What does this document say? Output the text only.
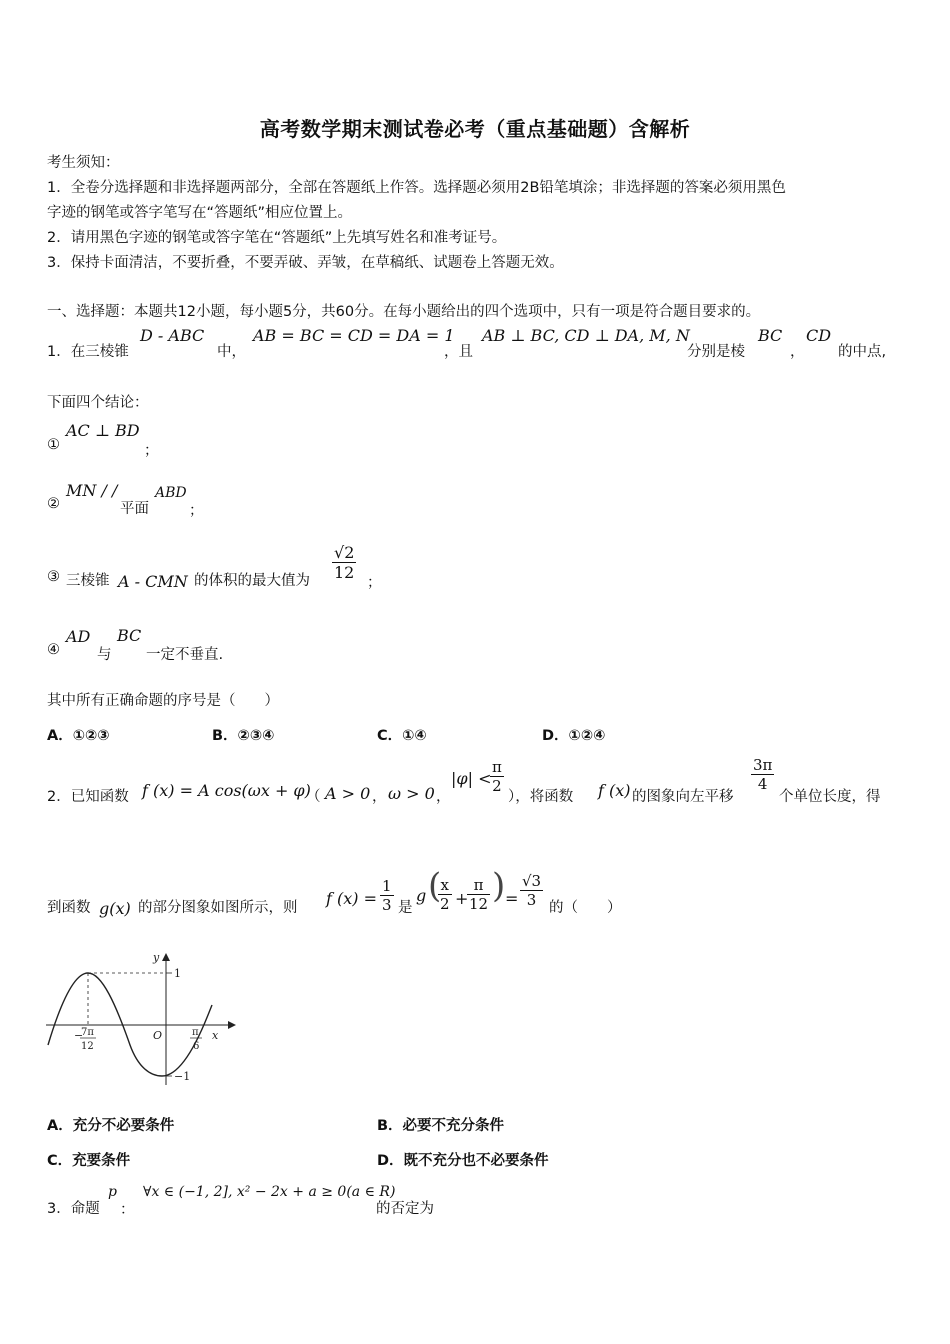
高考数学期末测试卷必考（重点基础题）含解析
考生须知：
1．全卷分选择题和非选择题两部分，全部在答题纸上作答。选择题必须用2B铅笔填涂；非选择题的答案必须用黑色
字迹的钢笔或答字笔写在“答题纸”相应位置上。
2．请用黑色字迹的钢笔或答字笔在“答题纸”上先填写姓名和准考证号。
3．保持卡面清洁，不要折叠，不要弄破、弄皱，在草稿纸、试题卷上答题无效。
一、选择题：本题共12小题，每小题5分，共60分。在每小题给出的四个选项中，只有一项是符合题目要求的。
1．在三棱锥
D - ABC
中，
AB = BC = CD = DA = 1
，且
AB ⊥ BC, CD ⊥ DA, M, N
分别是棱
BC
，
CD
的中点,
下面四个结论：
①
AC ⊥ BD
；
②
MN / /
平面
ABD
；
③ 三棱锥 A - CMN 的体积的最大值为 $\frac{√2}{12}$
；
④
AD
与
BC
一定不垂直.
其中所有正确命题的序号是（　　）
A．①②③	B．②③④	C．①④	D．①②④
2．已知函数 f (x) = A cos(ωx + φ)
（ A > 0 ， ω > 0 ，
|φ| <
$\frac{\pi}{2}$
），将函数 f (x) 的图象向左平移
$\frac{3\pi}{4}$
个单位长度，得
到函数 g(x) 的部分图象如图所示，则 f $(x) = \frac{1}{3}$ 是
g (
$\frac{x}{2}$ +
$\frac{\pi}{12}$ ) = $\frac{√3}{3}$ 的（　　）
y
x
1
−1
O
−
7π
12
π
6
A．充分不必要条件	B．必要不充分条件
C．充要条件	D．既不充分也不必要条件
3．命题
p
：
∀x ∈ (−1, 2], x² − 2x + a ≥ 0(a ∈ R)
的否定为
